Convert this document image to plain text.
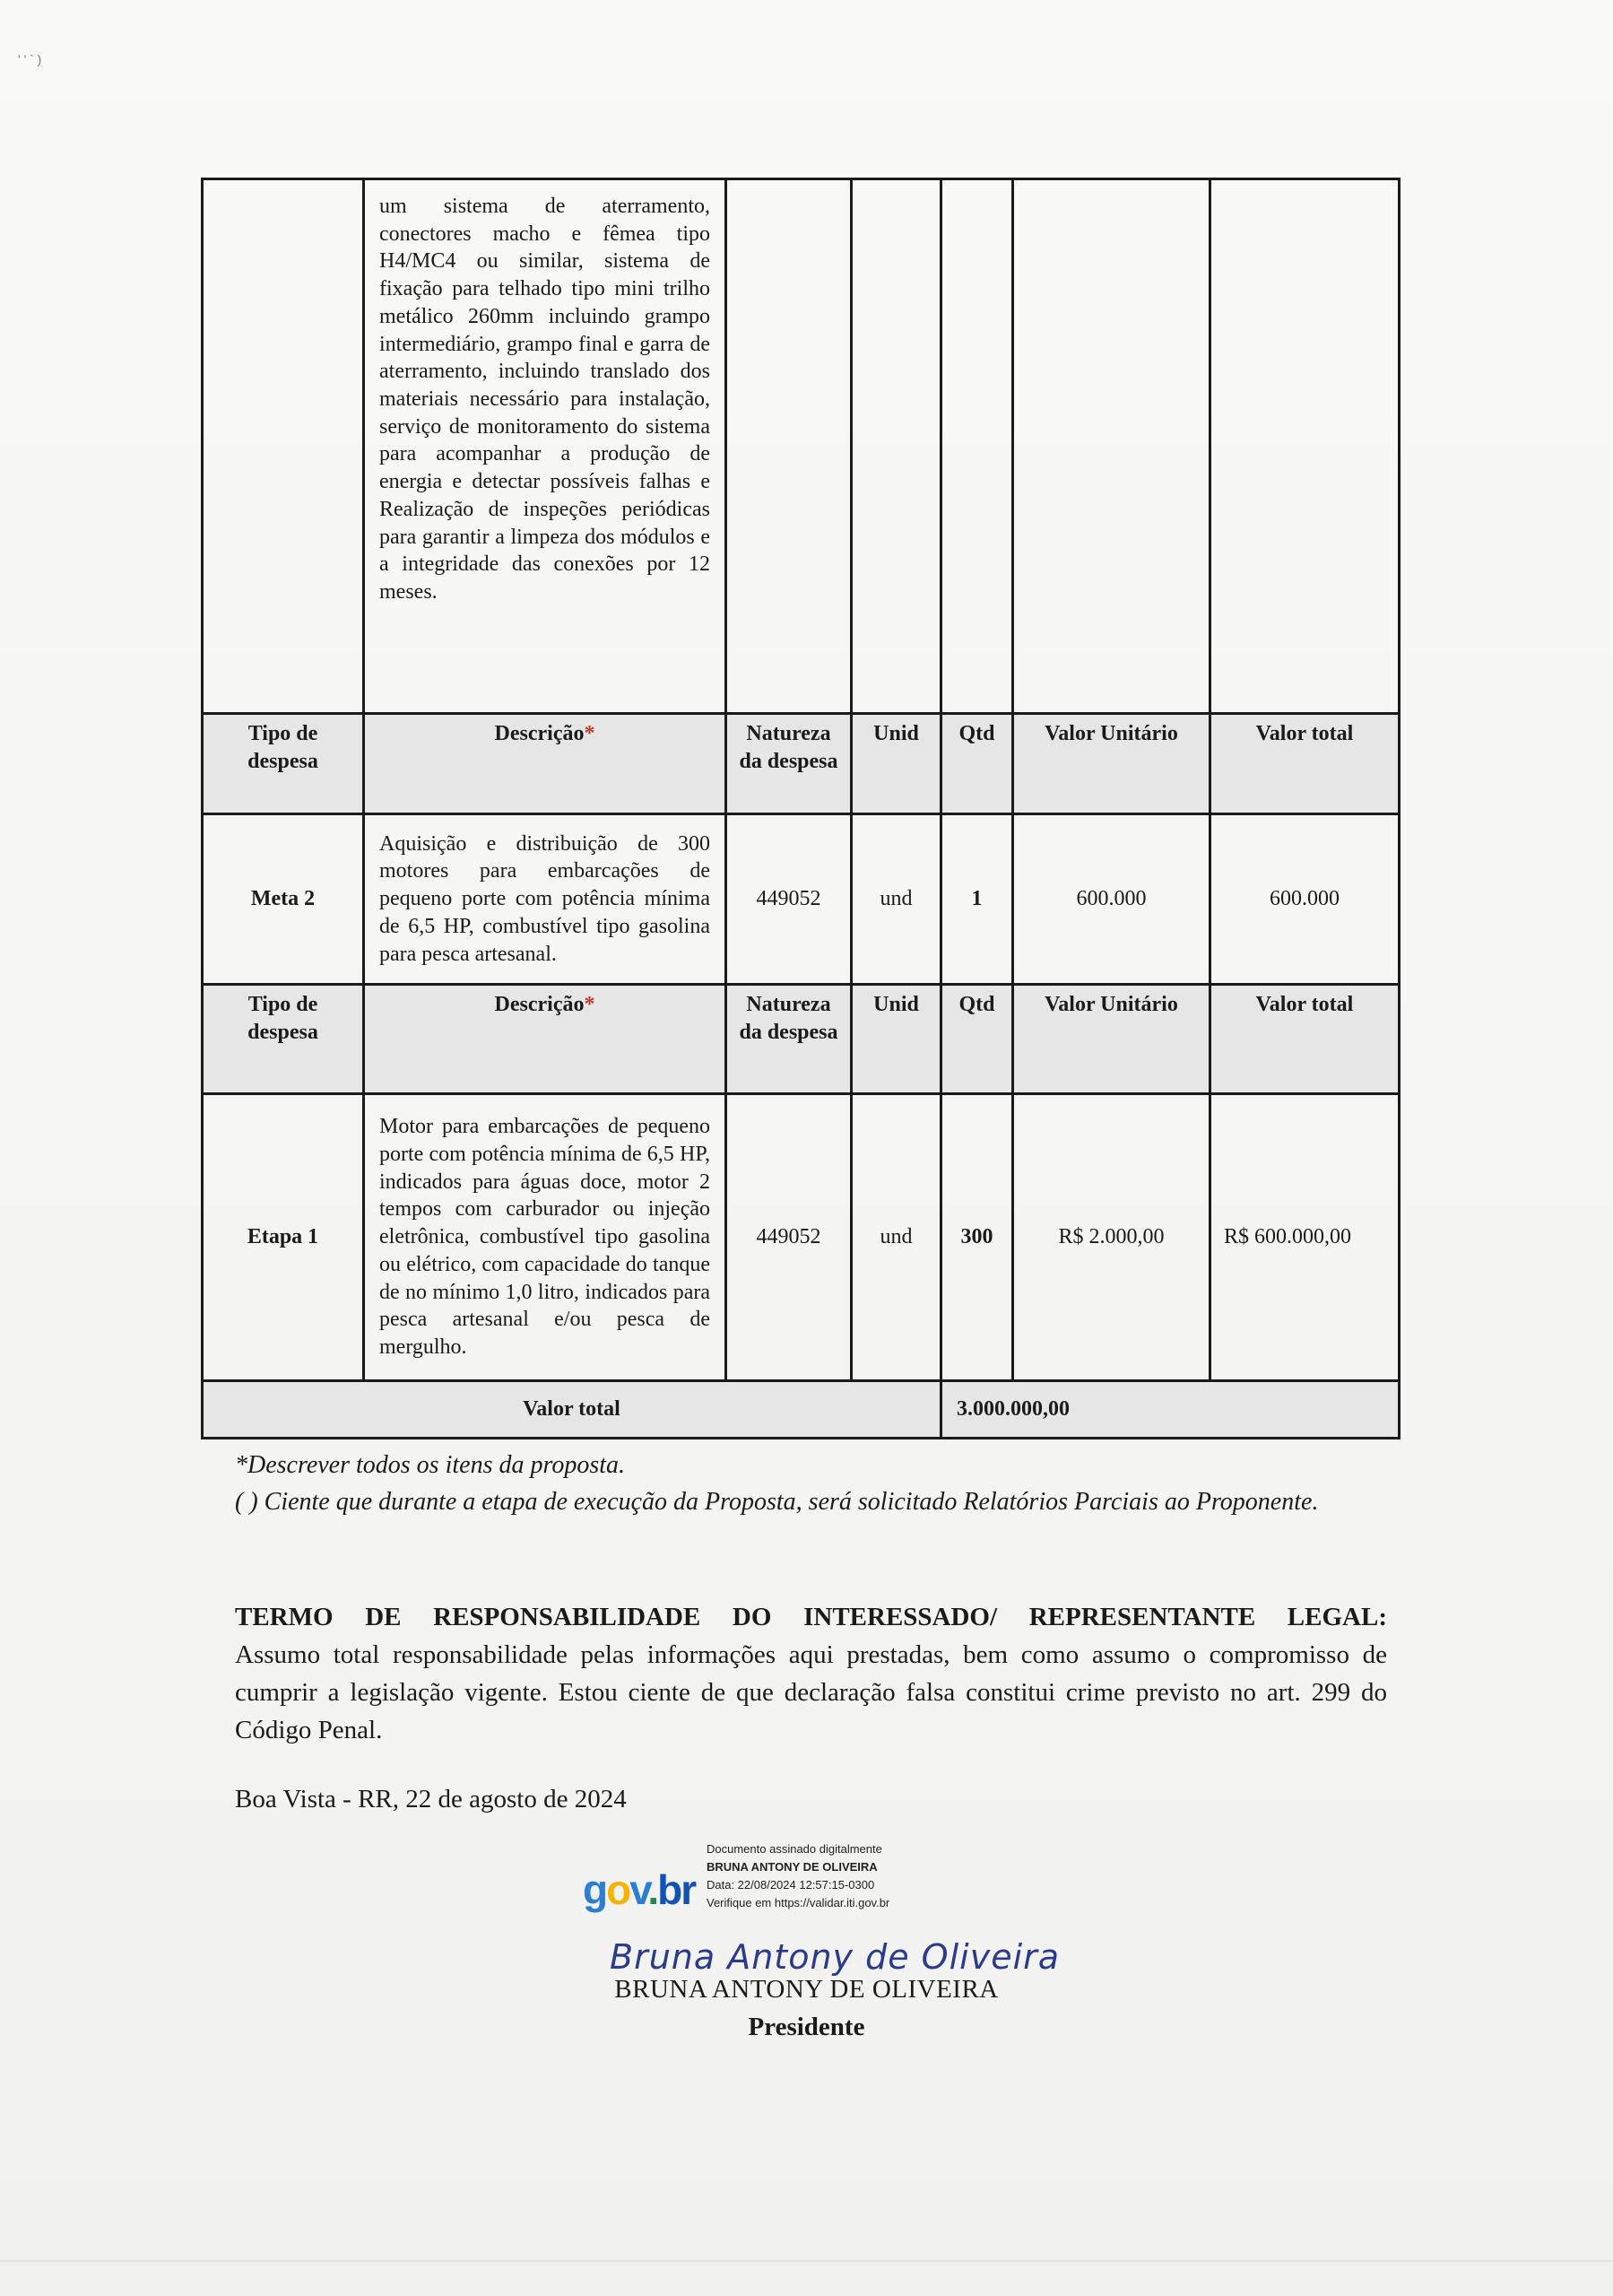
' ' ` )
	um sistema de aterramento, conectores macho e fêmea tipo H4/MC4 ou similar, sistema de fixação para telhado tipo mini trilho metálico 260mm incluindo grampo intermediário, grampo final e garra de aterramento, incluindo translado dos materiais necessário para instalação, serviço de monitoramento do sistema para acompanhar a produção de energia e detectar possíveis falhas e Realização de inspeções periódicas para garantir a limpeza dos módulos e a integridade das conexões por 12 meses.					
Tipo de despesa	Descrição*	Natureza da despesa	Unid	Qtd	Valor Unitário	Valor total
Meta 2	Aquisição e distribuição de 300 motores para embarcações de pequeno porte com potência mínima de 6,5 HP, combustível tipo gasolina para pesca artesanal.	449052	und	1	600.000	600.000
Tipo de despesa	Descrição*	Natureza da despesa	Unid	Qtd	Valor Unitário	Valor total
Etapa 1	Motor para embarcações de pequeno porte com potência mínima de 6,5 HP, indicados para águas doce, motor 2 tempos com carburador ou injeção eletrônica, combustível tipo gasolina ou elétrico, com capacidade do tanque de no mínimo 1,0 litro, indicados para pesca artesanal e/ou pesca de mergulho.	449052	und	300	R$ 2.000,00	R$ 600.000,00
Valor total				3.000.000,00		

*Descrever todos os itens da proposta.

( ) Ciente que durante a etapa de execução da Proposta, será solicitado Relatórios Parciais ao Proponente.

TERMO DE RESPONSABILIDADE DO INTERESSADO/ REPRESENTANTE LEGAL:
Assumo total responsabilidade pelas informações aqui prestadas, bem como assumo o compromisso de cumprir a legislação vigente. Estou ciente de que declaração falsa constitui crime previsto no art. 299 do Código Penal.
Boa Vista - RR, 22 de agosto de 2024
gov.br
Documento assinado digitalmente
BRUNA ANTONY DE OLIVEIRA
Data: 22/08/2024 12:57:15-0300
Verifique em https://validar.iti.gov.br
Bruna Antony de Oliveira
BRUNA ANTONY DE OLIVEIRA
Presidente
